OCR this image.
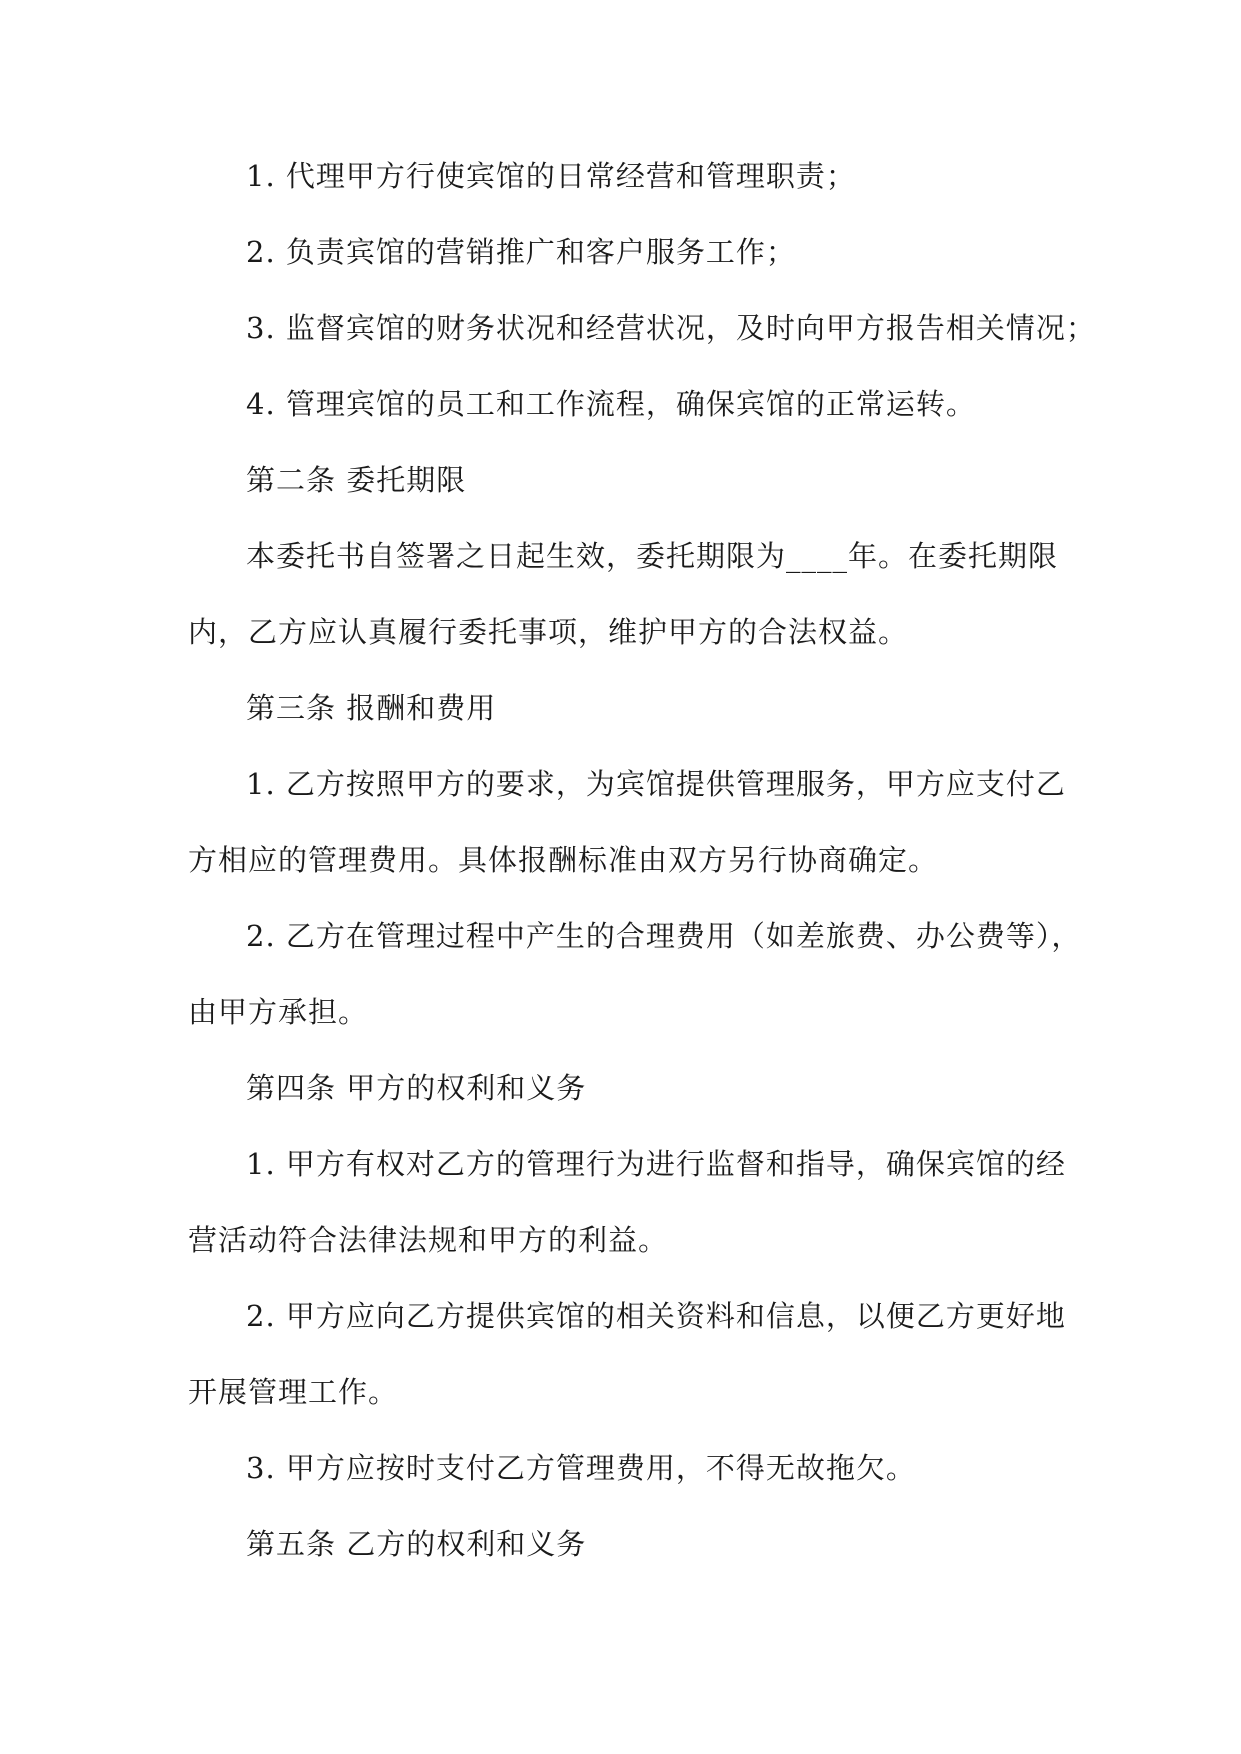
1. 代理甲方行使宾馆的日常经营和管理职责；
2. 负责宾馆的营销推广和客户服务工作；
3. 监督宾馆的财务状况和经营状况，及时向甲方报告相关情况；
4. 管理宾馆的员工和工作流程，确保宾馆的正常运转。
第二条 委托期限
本委托书自签署之日起生效，委托期限为____年。在委托期限
内，乙方应认真履行委托事项，维护甲方的合法权益。
第三条 报酬和费用
1. 乙方按照甲方的要求，为宾馆提供管理服务，甲方应支付乙
方相应的管理费用。具体报酬标准由双方另行协商确定。
2. 乙方在管理过程中产生的合理费用（如差旅费、办公费等），
由甲方承担。
第四条 甲方的权利和义务
1. 甲方有权对乙方的管理行为进行监督和指导，确保宾馆的经
营活动符合法律法规和甲方的利益。
2. 甲方应向乙方提供宾馆的相关资料和信息，以便乙方更好地
开展管理工作。
3. 甲方应按时支付乙方管理费用，不得无故拖欠。
第五条 乙方的权利和义务
